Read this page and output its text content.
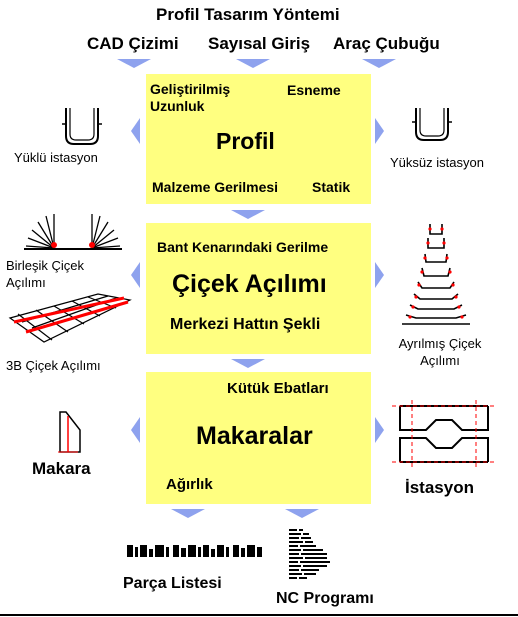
Profil Tasarım Yöntemi
CAD Çizimi Sayısal Giriş Araç Çubuğu
Geliştirilmiş Uzunluk
Esneme
Profil
Malzeme Gerilmesi Statik
Bant Kenarındaki Gerilme
Çiçek Açılımı
Merkezi Hattın Şekli
Kütük Ebatları
Makaralar
Ağırlık
Yüklü istasyon
Birleşik Çiçek Açılımı
3B Çiçek Açılımı
Makara
Yüksüz istasyon
Ayrılmış Çiçek Açılımı
İstasyon
Parça Listesi
NC Programı
